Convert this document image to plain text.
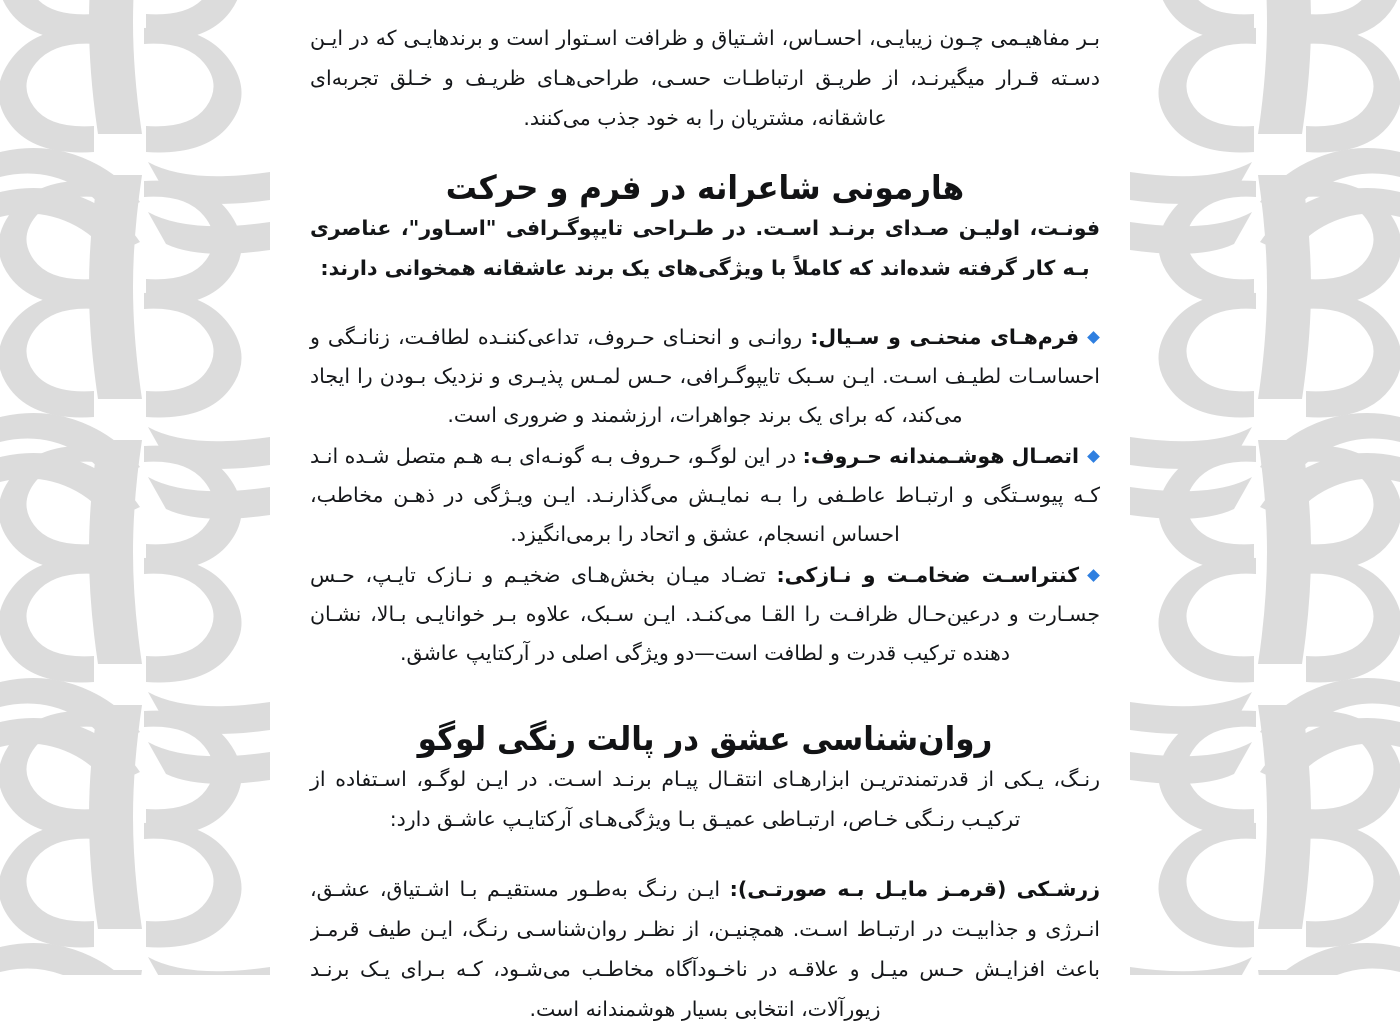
بـر مفاهیـمی چـون زیبایـی، احسـاس، اشـتیاق و ظرافت اسـتوار است و برندهایـی که در ایـن دسـته قـرار میگیرنـد، از طریـق ارتباطـات حسـی، طراحی‌هـای ظریـف و خـلق تجربه‌ای عاشقانه، مشتریان را به خود جذب می‌کنند.

هارمونی شاعرانه در فرم و حرکت

فونـت، اولیـن صـدای برنـد اسـت. در طـراحی تایپوگـرافی "اسـاور"، عناصری بـه کار گرفته شده‌اند که کاملاً با ویژگی‌های یک برند عاشقانه همخوانی دارند:

فرم‌هـای منحنـی و سـیال: روانـی و انحنـای حـروف، تداعی‌کننـده لطافـت، زنانـگی و احساسـات لطیـف اسـت. ایـن سـبک تایپوگـرافی، حـس لمـس پذیـری و نزدیک بـودن را ایجاد می‌کند، که برای یک برند جواهرات، ارزشمند و ضروری است.
اتصـال هوشـمندانه حـروف: در این لوگـو، حـروف بـه گونـه‌ای بـه هـم متصل شـده انـد کـه پیوسـتگی و ارتبـاط عاطـفی را بـه نمایـش می‌گذارنـد. ایـن ویـژگی در ذهـن مخاطب، احساس انسجام، عشق و اتحاد را برمی‌انگیزد.
کنتراسـت ضخامـت و نـازکی: تضـاد میـان بخش‌هـای ضخیـم و نـازک تایـپ، حـس جسـارت و درعین‌حـال ظرافـت را القـا می‌کنـد. ایـن سـبک، علاوه بـر خوانایـی بـالا، نشـان دهنده ترکیب قدرت و لطافت است—دو ویژگی اصلی در آرکتایپ عاشق.
روان‌شناسی عشق در پالت رنگی لوگو

رنـگ، یـکی از قدرتمندتریـن ابزارهـای انتقـال پیـام برنـد اسـت. در ایـن لوگـو، اسـتفاده از ترکیـب رنـگی خـاص، ارتبـاطی عمیـق بـا ویژگی‌هـای آرکتایـپ عاشـق دارد:

زرشـکی (قرمـز مایـل بـه صورتـی): ایـن رنـگ به‌طـور مستقیـم بـا اشـتیاق، عشـق، انـرژی و جذابیـت در ارتبـاط اسـت. همچنیـن، از نظـر روان‌شناسـی رنـگ، ایـن طیف قرمـز باعث افزایـش حـس میـل و علاقـه در ناخـودآگاه مخاطـب می‌شـود، کـه بـرای یـک برنـد زیورآلات، انتخابی بسیار هوشمندانه است.
